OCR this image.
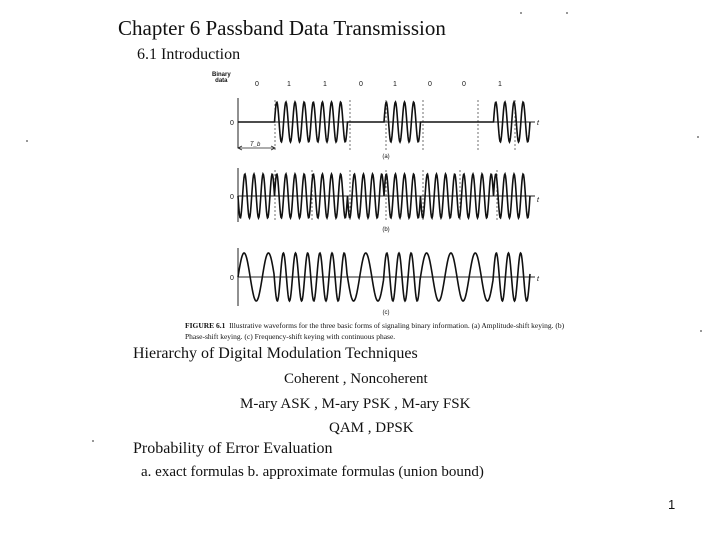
Chapter 6 Passband Data Transmission
6.1 Introduction
Binary
data	0	1	1	0	1	0	0	1
0
0
0
t
t
t
T_b
(a)
(b)
(c)
FIGURE 6.1 Illustrative waveforms for the three basic forms of signaling binary information. (a) Amplitude-shift keying. (b) Phase-shift keying. (c) Frequency-shift keying with continuous phase.
Hierarchy of Digital Modulation Techniques
Coherent , Noncoherent
M-ary ASK , M-ary PSK , M-ary FSK
QAM , DPSK
Probability of Error Evaluation
a. exact formulas b. approximate formulas (union bound)
1
